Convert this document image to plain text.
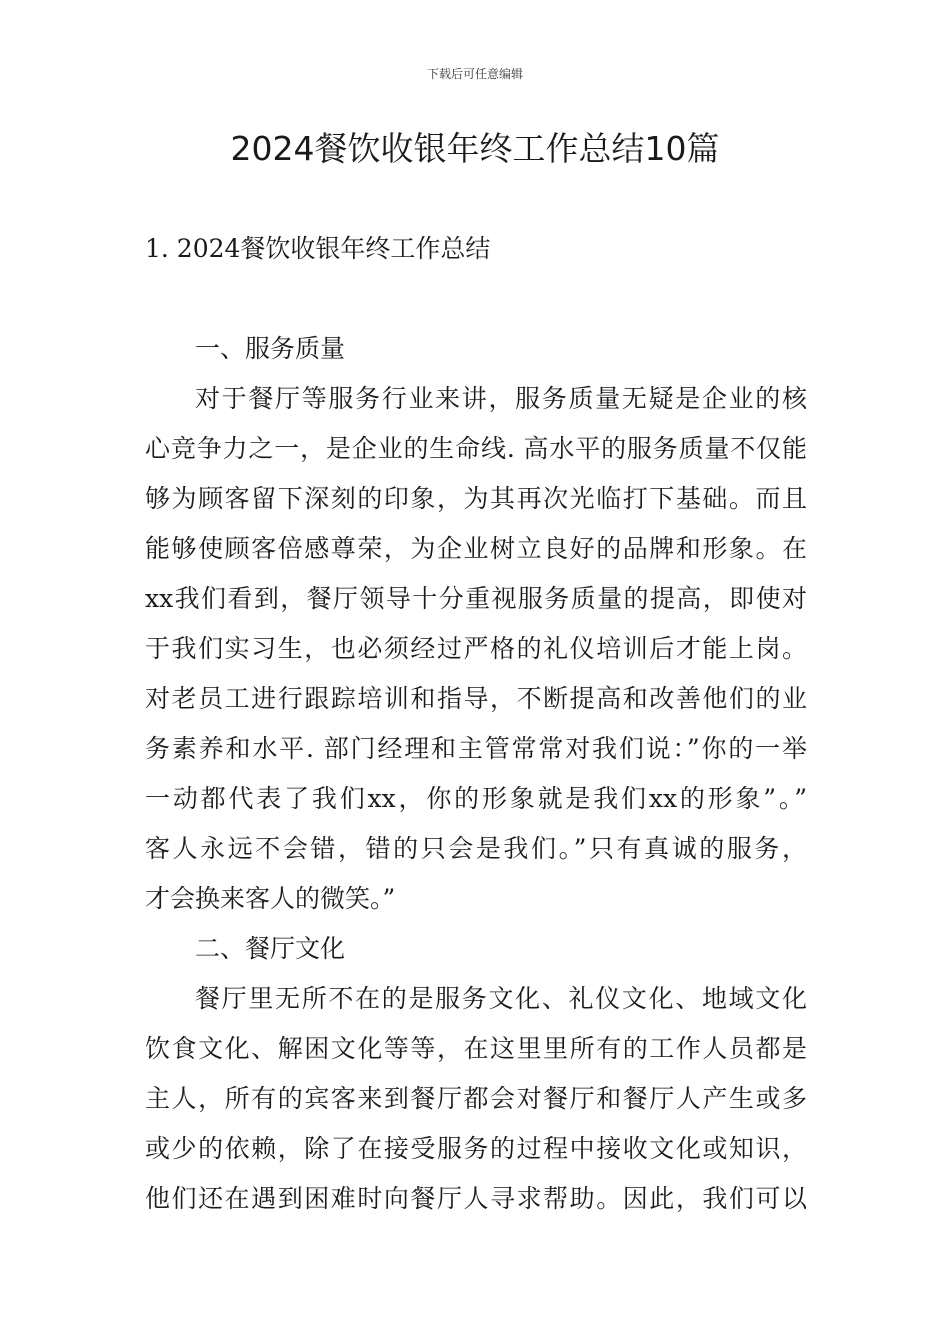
下载后可任意编辑
2024餐饮收银年终工作总结10篇
1. 2024餐饮收银年终工作总结
一、服务质量
对于餐厅等服务行业来讲，服务质量无疑是企业的核
心竞争力之一，是企业的生命线. 高水平的服务质量不仅能
够为顾客留下深刻的印象，为其再次光临打下基础。而且
能够使顾客倍感尊荣，为企业树立良好的品牌和形象。在
xx我们看到，餐厅领导十分重视服务质量的提高，即使对
于我们实习生，也必须经过严格的礼仪培训后才能上岗。
对老员工进行跟踪培训和指导，不断提高和改善他们的业
务素养和水平. 部门经理和主管常常对我们说：”你的一举
一动都代表了我们xx，你的形象就是我们xx的形象”。”
客人永远不会错，错的只会是我们。”只有真诚的服务，
才会换来客人的微笑。”
二、餐厅文化
餐厅里无所不在的是服务文化、礼仪文化、地域文化
饮食文化、解困文化等等，在这里里所有的工作人员都是
主人，所有的宾客来到餐厅都会对餐厅和餐厅人产生或多
或少的依赖，除了在接受服务的过程中接收文化或知识，
他们还在遇到困难时向餐厅人寻求帮助。因此，我们可以
